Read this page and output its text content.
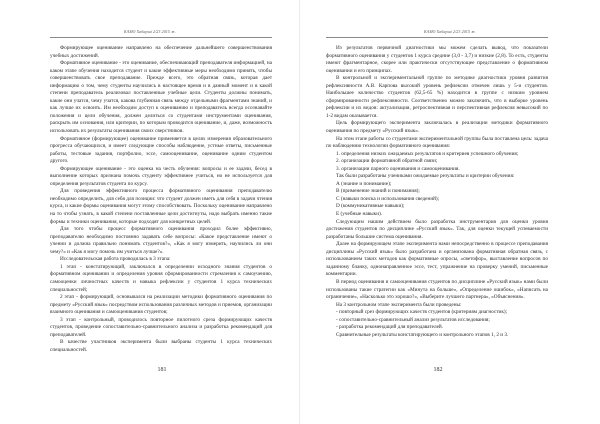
КАЗЮ Хабарші 2/23 2015 ж.

Формирующее оценивание направлено на обеспечение дальнейшего совершенствования учебных достижений.

Формативное оценивание - это оценивание, обеспечивающий преподавателя информацией, на каком этапе обучения находится студент и какие эффективные меры необходимо принять, чтобы совершенствовать свое преподавание. Прежде всего, это обратная связь, которая дает информацию о том, чему студенты научились в настоящее время и в данный момент и в какой степени преподаватель реализовал поставленные учебные цели. Студенты должны понимать, какие они учатся, чему учатся, какова глубинная связь между отдельными фрагментами знаний, и как лучше их освоить. Им необходим доступ к оцениванию и преподаватель всегда осознавайте положения и цели обучения, должен делиться со студентами инструментами оценивания, раскрыть им основания, или критерии, по которым проводится оценивание, и, даже, возможность использовать их результаты оценивания своих сверстников.

Формативное (формирующее) оценивание применяется в целях измерения образовательного прогресса обучающихся, и имеет следующие способы наблюдение, устные ответы, письменные работы, тестовые задания, портфолио, эссе, самооценивание, оценивание одним студентом другого.

Формирующее оценивание - это оценка на честь обучения: вопросы и ее задачи, бесед в выполнение которых признана помочь студенту эффективнее учиться, но не используется для определения результатов студента по курсу.

Для проведения эффективного процесса формативного оценивания преподавателю необходимо определить, для себя для позиции: что студент должен иметь для себя в задачи чтения курса, и какие формы оценивания могут этому способствовать. Поскольку оценивание направлено на то чтобы узнать, в какой степени поставленные цели достигнуты, надо выбрать именно такие формы и техники оценивания, которые подходят для конкретных целей.

Для того чтобы процесс формативного оценивания проходил более эффективно, преподавателю необходимо постоянно задавать себе вопросы: «Какое представление имеют о учении и должна правильно понимать студентов?», «Как я могу измерить, научились ли они чему?» и «Как я могу помочь им учиться лучше?».

Исследовательская работа проводилась в 3 этапа:

1 этап - констатирующий, заключался в определении исходного знания студентов о формативном оценивании и определения уровня сформированности стремления к самоучению, самооценки личностных качеств и навыка рефлексии у студентов 1 курса технических специальностей;

2 этап - формирующий, основывался на реализации методики формативного оценивания по предмету «Русский язык» посредством использования различных методов и приемов, организации взаимного оценивания и самооценивания студентов;

3 этап - контрольный, проводилось повторное пилотного среза формирующих качеств студентов, проведение сопоставительно-сравнительного анализа и разработка рекомендаций для преподавателей.

В качестве участников эксперимента были выбраны студенты 1 курса технических специальностей.

181
КАЗЮ Хабарші 2/23 2015 ж.

Из результатов первичной диагностики мы можем сделать вывод, что показатели формативного оценивания у студентов 1 курса средние (3,0 - 3,7) и низкие (2,8). То есть, студенты имеют фрагментарное, скорее или практически отсутствующее представление о формативном оценивании и его принципах.

В контрольной и экспериментальной группе по методике диагностики уровня развития рефлексивности А.В. Карпова высокий уровень рефлексии отмечен лишь у 5-и студентов. Наибольшее количество студентов (62,5-65 %) находится в группе с низким уровнем сформированности рефлексивности. Соответственно можно заключить, что в выборке уровень рефлексии и их видов: актуализация, ретроспективная и перспективная рефлексия невысокий по 1-2 видам оказывается.

Цель формирующего эксперимента заключалась в реализации методики формативного оценивания по предмету «Русский язык».

На этом этапе работы со студентами экспериментальной группы была поставлена цель: задача по наблюдению технологии формативного оценивания:

1. определения низких ожидаемых результатов и критериев успешного обучения;

2. организации формативной обратной связи;

3. организации парного оценивания и самооценивания.

Так были разработаны учениками ожидаемые результаты и критерии обучения:

А (знание и понимание);

В (применение знаний и понимания);

С (навыки поиска и использования сведений);

D (коммуникативные навыки);

E (учебные навыки).

Следующим нашим действием было разработка инструментария для оценки уровня достижения студентов по дисциплине «Русский язык». Так, для оценки текущей успеваемости разработаны большие система оценивания.

Далее на формирующем этапе эксперимента нами непосредственно в процессе преподавания дисциплины «Русский язык» было разработана и организована формативная обратная связь, с использованием таких методов как формативные опросы, «светофор», выставление вопросов по заданному бланку, однонаправленное эссе, тест, упражнение на проверку умений, письменные комментарии.

В период оценивания и самооценивания студентов по дисциплине «Русский язык» нами были использованы такие стратегии как «Минута на больше», «Определение ошибок», «Написать на ограничение», «Насколько это хорошо?», «Выберите лучшего партнера», «Объяснения».

На 3 контрольном этапе эксперимента были проведены:

- повторный срез формирующих качеств студентов (критериям диагностик);

- сопоставительно-сравнительный анализ результатов исследования;

- разработка рекомендаций для преподавателей.

Сравнительные результаты констатирующего и контрольного этапов 1, 2 и 3.

182
